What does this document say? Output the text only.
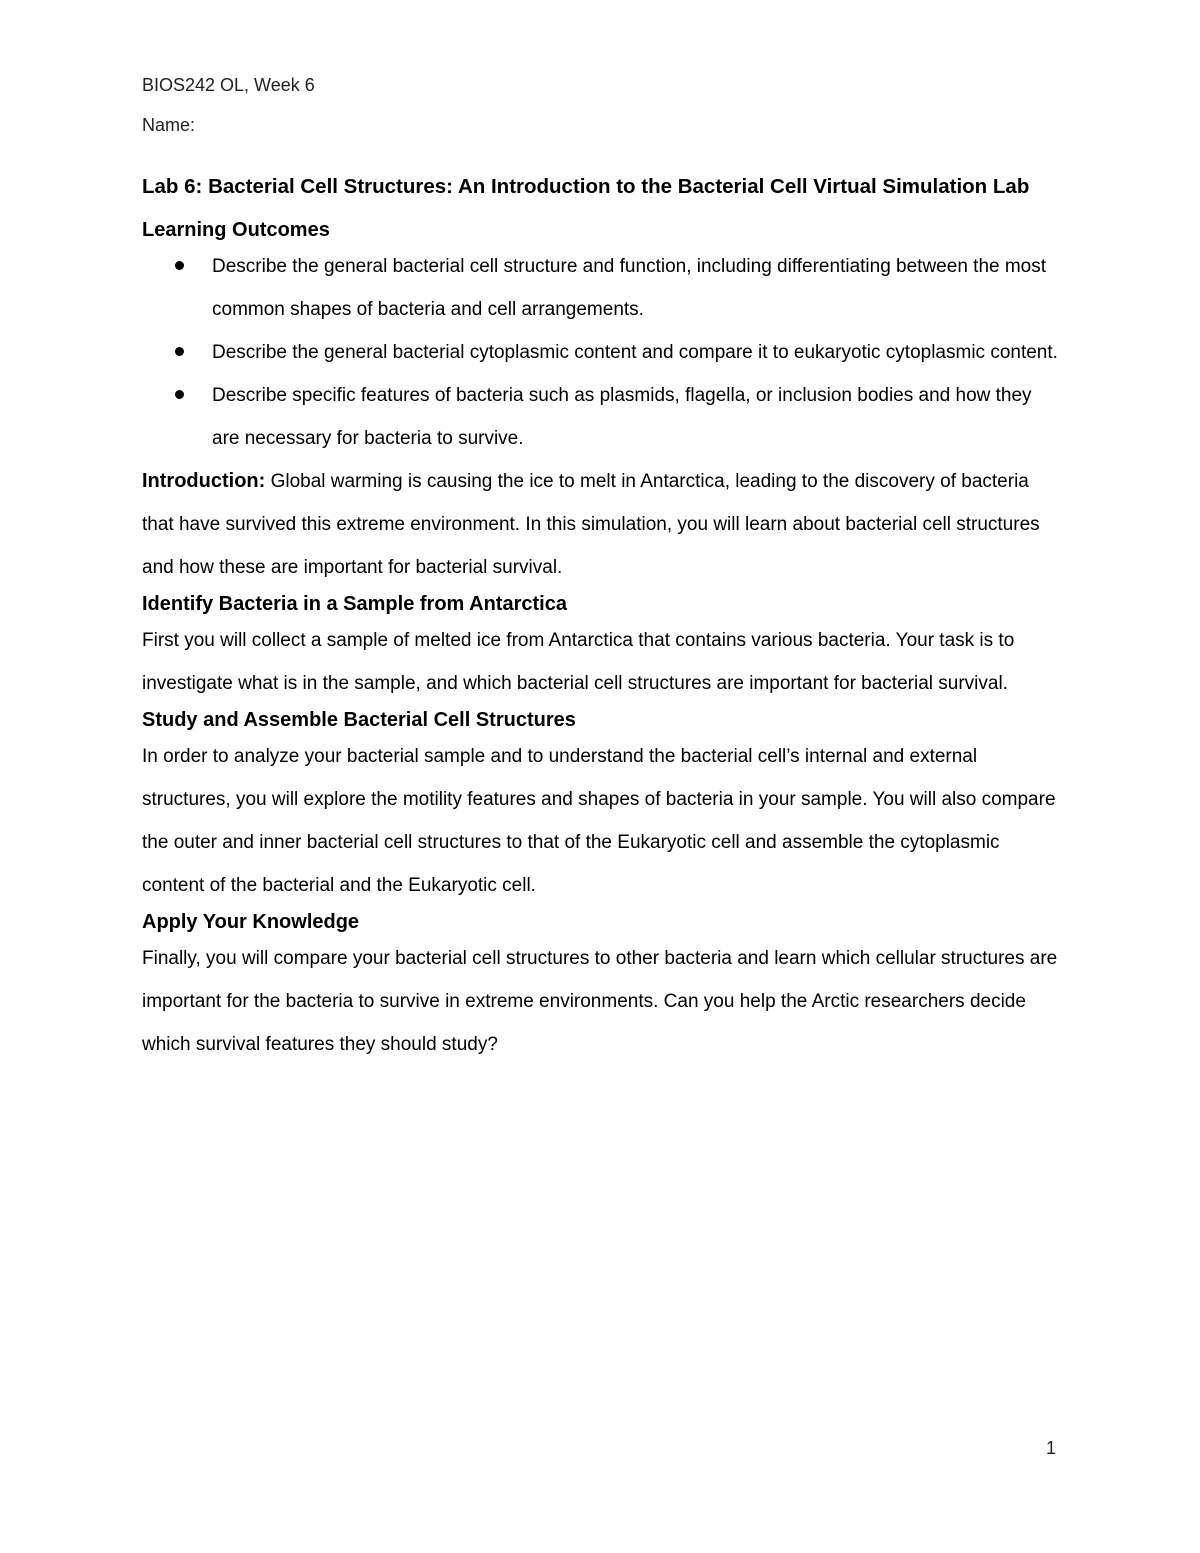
BIOS242 OL, Week 6

Name:

Lab 6: Bacterial Cell Structures: An Introduction to the Bacterial Cell Virtual Simulation Lab
Learning Outcomes
Describe the general bacterial cell structure and function, including differentiating between the most common shapes of bacteria and cell arrangements.
Describe the general bacterial cytoplasmic content and compare it to eukaryotic cytoplasmic content.
Describe specific features of bacteria such as plasmids, flagella, or inclusion bodies and how they are necessary for bacteria to survive.

Introduction: Global warming is causing the ice to melt in Antarctica, leading to the discovery of bacteria that have survived this extreme environment. In this simulation, you will learn about bacterial cell structures and how these are important for bacterial survival.

Identify Bacteria in a Sample from Antarctica

First you will collect a sample of melted ice from Antarctica that contains various bacteria. Your task is to investigate what is in the sample, and which bacterial cell structures are important for bacterial survival.

Study and Assemble Bacterial Cell Structures

In order to analyze your bacterial sample and to understand the bacterial cell’s internal and external structures, you will explore the motility features and shapes of bacteria in your sample. You will also compare the outer and inner bacterial cell structures to that of the Eukaryotic cell and assemble the cytoplasmic content of the bacterial and the Eukaryotic cell.

Apply Your Knowledge

Finally, you will compare your bacterial cell structures to other bacteria and learn which cellular structures are important for the bacteria to survive in extreme environments. Can you help the Arctic researchers decide which survival features they should study?

1
